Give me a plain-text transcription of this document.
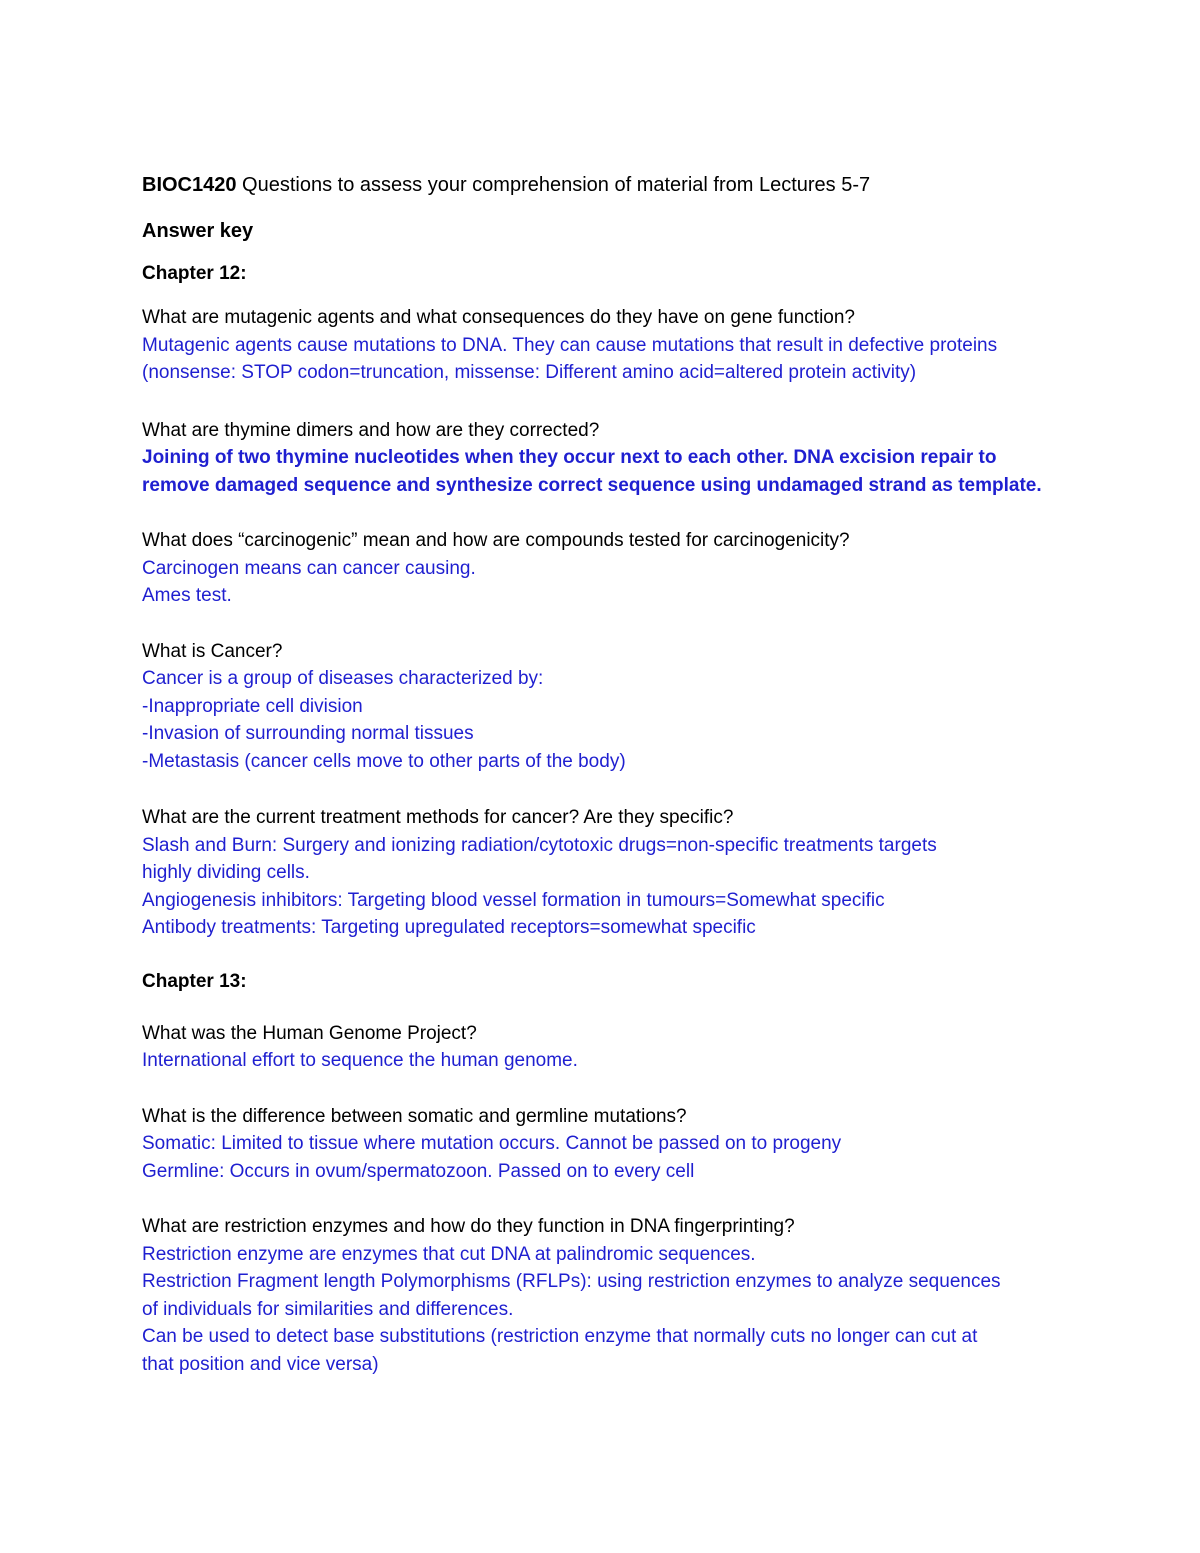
BIOC1420 Questions to assess your comprehension of material from Lectures 5-7

Answer key

Chapter 12:

What are mutagenic agents and what consequences do they have on gene function?

Mutagenic agents cause mutations to DNA. They can cause mutations that result in defective proteins

(nonsense: STOP codon=truncation, missense: Different amino acid=altered protein activity)

What are thymine dimers and how are they corrected?

Joining of two thymine nucleotides when they occur next to each other. DNA excision repair to

remove damaged sequence and synthesize correct sequence using undamaged strand as template.

What does “carcinogenic” mean and how are compounds tested for carcinogenicity?

Carcinogen means can cancer causing.

Ames test.

What is Cancer?

Cancer is a group of diseases characterized by:

-Inappropriate cell division

-Invasion of surrounding normal tissues

-Metastasis (cancer cells move to other parts of the body)

What are the current treatment methods for cancer? Are they specific?

Slash and Burn: Surgery and ionizing radiation/cytotoxic drugs=non-specific treatments targets

highly dividing cells.

Angiogenesis inhibitors: Targeting blood vessel formation in tumours=Somewhat specific

Antibody treatments: Targeting upregulated receptors=somewhat specific

Chapter 13:

What was the Human Genome Project?

International effort to sequence the human genome.

What is the difference between somatic and germline mutations?

Somatic: Limited to tissue where mutation occurs. Cannot be passed on to progeny

Germline: Occurs in ovum/spermatozoon. Passed on to every cell

What are restriction enzymes and how do they function in DNA fingerprinting?

Restriction enzyme are enzymes that cut DNA at palindromic sequences.

Restriction Fragment length Polymorphisms (RFLPs): using restriction enzymes to analyze sequences

of individuals for similarities and differences.

Can be used to detect base substitutions (restriction enzyme that normally cuts no longer can cut at

that position and vice versa)
